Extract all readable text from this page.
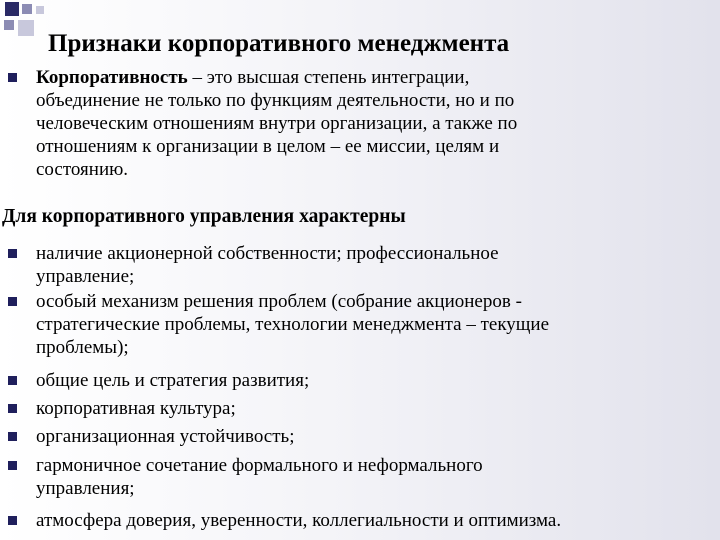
Признаки корпоративного менеджмента
Корпоративность – это высшая степень интеграции,
объединение не только по функциям деятельности, но и по
человеческим отношениям внутри организации, а также по
отношениям к организации в целом – ее миссии, целям и
состоянию.
Для корпоративного управления характерны
наличие акционерной собственности; профессиональное
управление;
особый механизм решения проблем (собрание акционеров -
стратегические проблемы, технологии менеджмента – текущие
проблемы);
общие цель и стратегия развития;
корпоративная культура;
организационная устойчивость;
гармоничное сочетание формального и неформального
управления;
атмосфера доверия, уверенности, коллегиальности и оптимизма.
